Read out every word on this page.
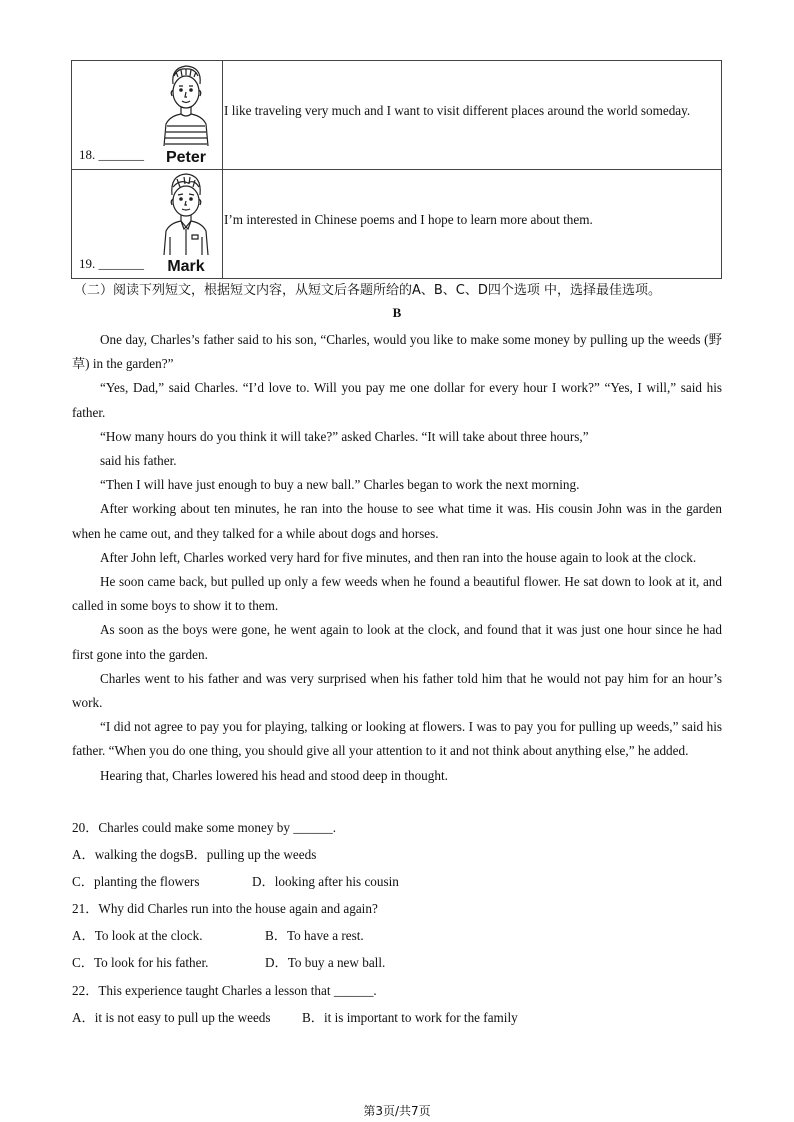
18. _______ Peter	I like traveling very much and I want to visit different places around the world someday.

19. _______ Mark	I’m interested in Chinese poems and I hope to learn more about them.
（二）阅读下列短文，根据短文内容，从短文后各题所给的A、B、C、D四个选项 中，选择最佳选项。
B

One day, Charles’s father said to his son, “Charles, would you like to make some money by pulling up the weeds (野草) in the garden?”

“Yes, Dad,” said Charles. “I’d love to. Will you pay me one dollar for every hour I work?” “Yes, I will,” said his father.

“How many hours do you think it will take?” asked Charles. “It will take about three hours,”

said his father.

“Then I will have just enough to buy a new ball.” Charles began to work the next morning.

After working about ten minutes, he ran into the house to see what time it was. His cousin John was in the garden when he came out, and they talked for a while about dogs and horses.

After John left, Charles worked very hard for five minutes, and then ran into the house again to look at the clock.

He soon came back, but pulled up only a few weeds when he found a beautiful flower. He sat down to look at it, and called in some boys to show it to them.

As soon as the boys were gone, he went again to look at the clock, and found that it was just one hour since he had first gone into the garden.

Charles went to his father and was very surprised when his father told him that he would not pay him for an hour’s work.

“I did not agree to pay you for playing, talking or looking at flowers. I was to pay you for pulling up weeds,” said his father. “When you do one thing, you should give all your attention to it and not think about anything else,” he added.

Hearing that, Charles lowered his head and stood deep in thought.

20．Charles could make some money by ______.
A．walking the dogsB．pulling up the weeds
C．planting the flowers	D．looking after his cousin
21．Why did Charles run into the house again and again?
A．To look at the clock.	B．To have a rest.
C．To look for his father.	D．To buy a new ball.
22．This experience taught Charles a lesson that ______.
A．it is not easy to pull up the weeds B．it is important to work for the family
第3页/共7页
